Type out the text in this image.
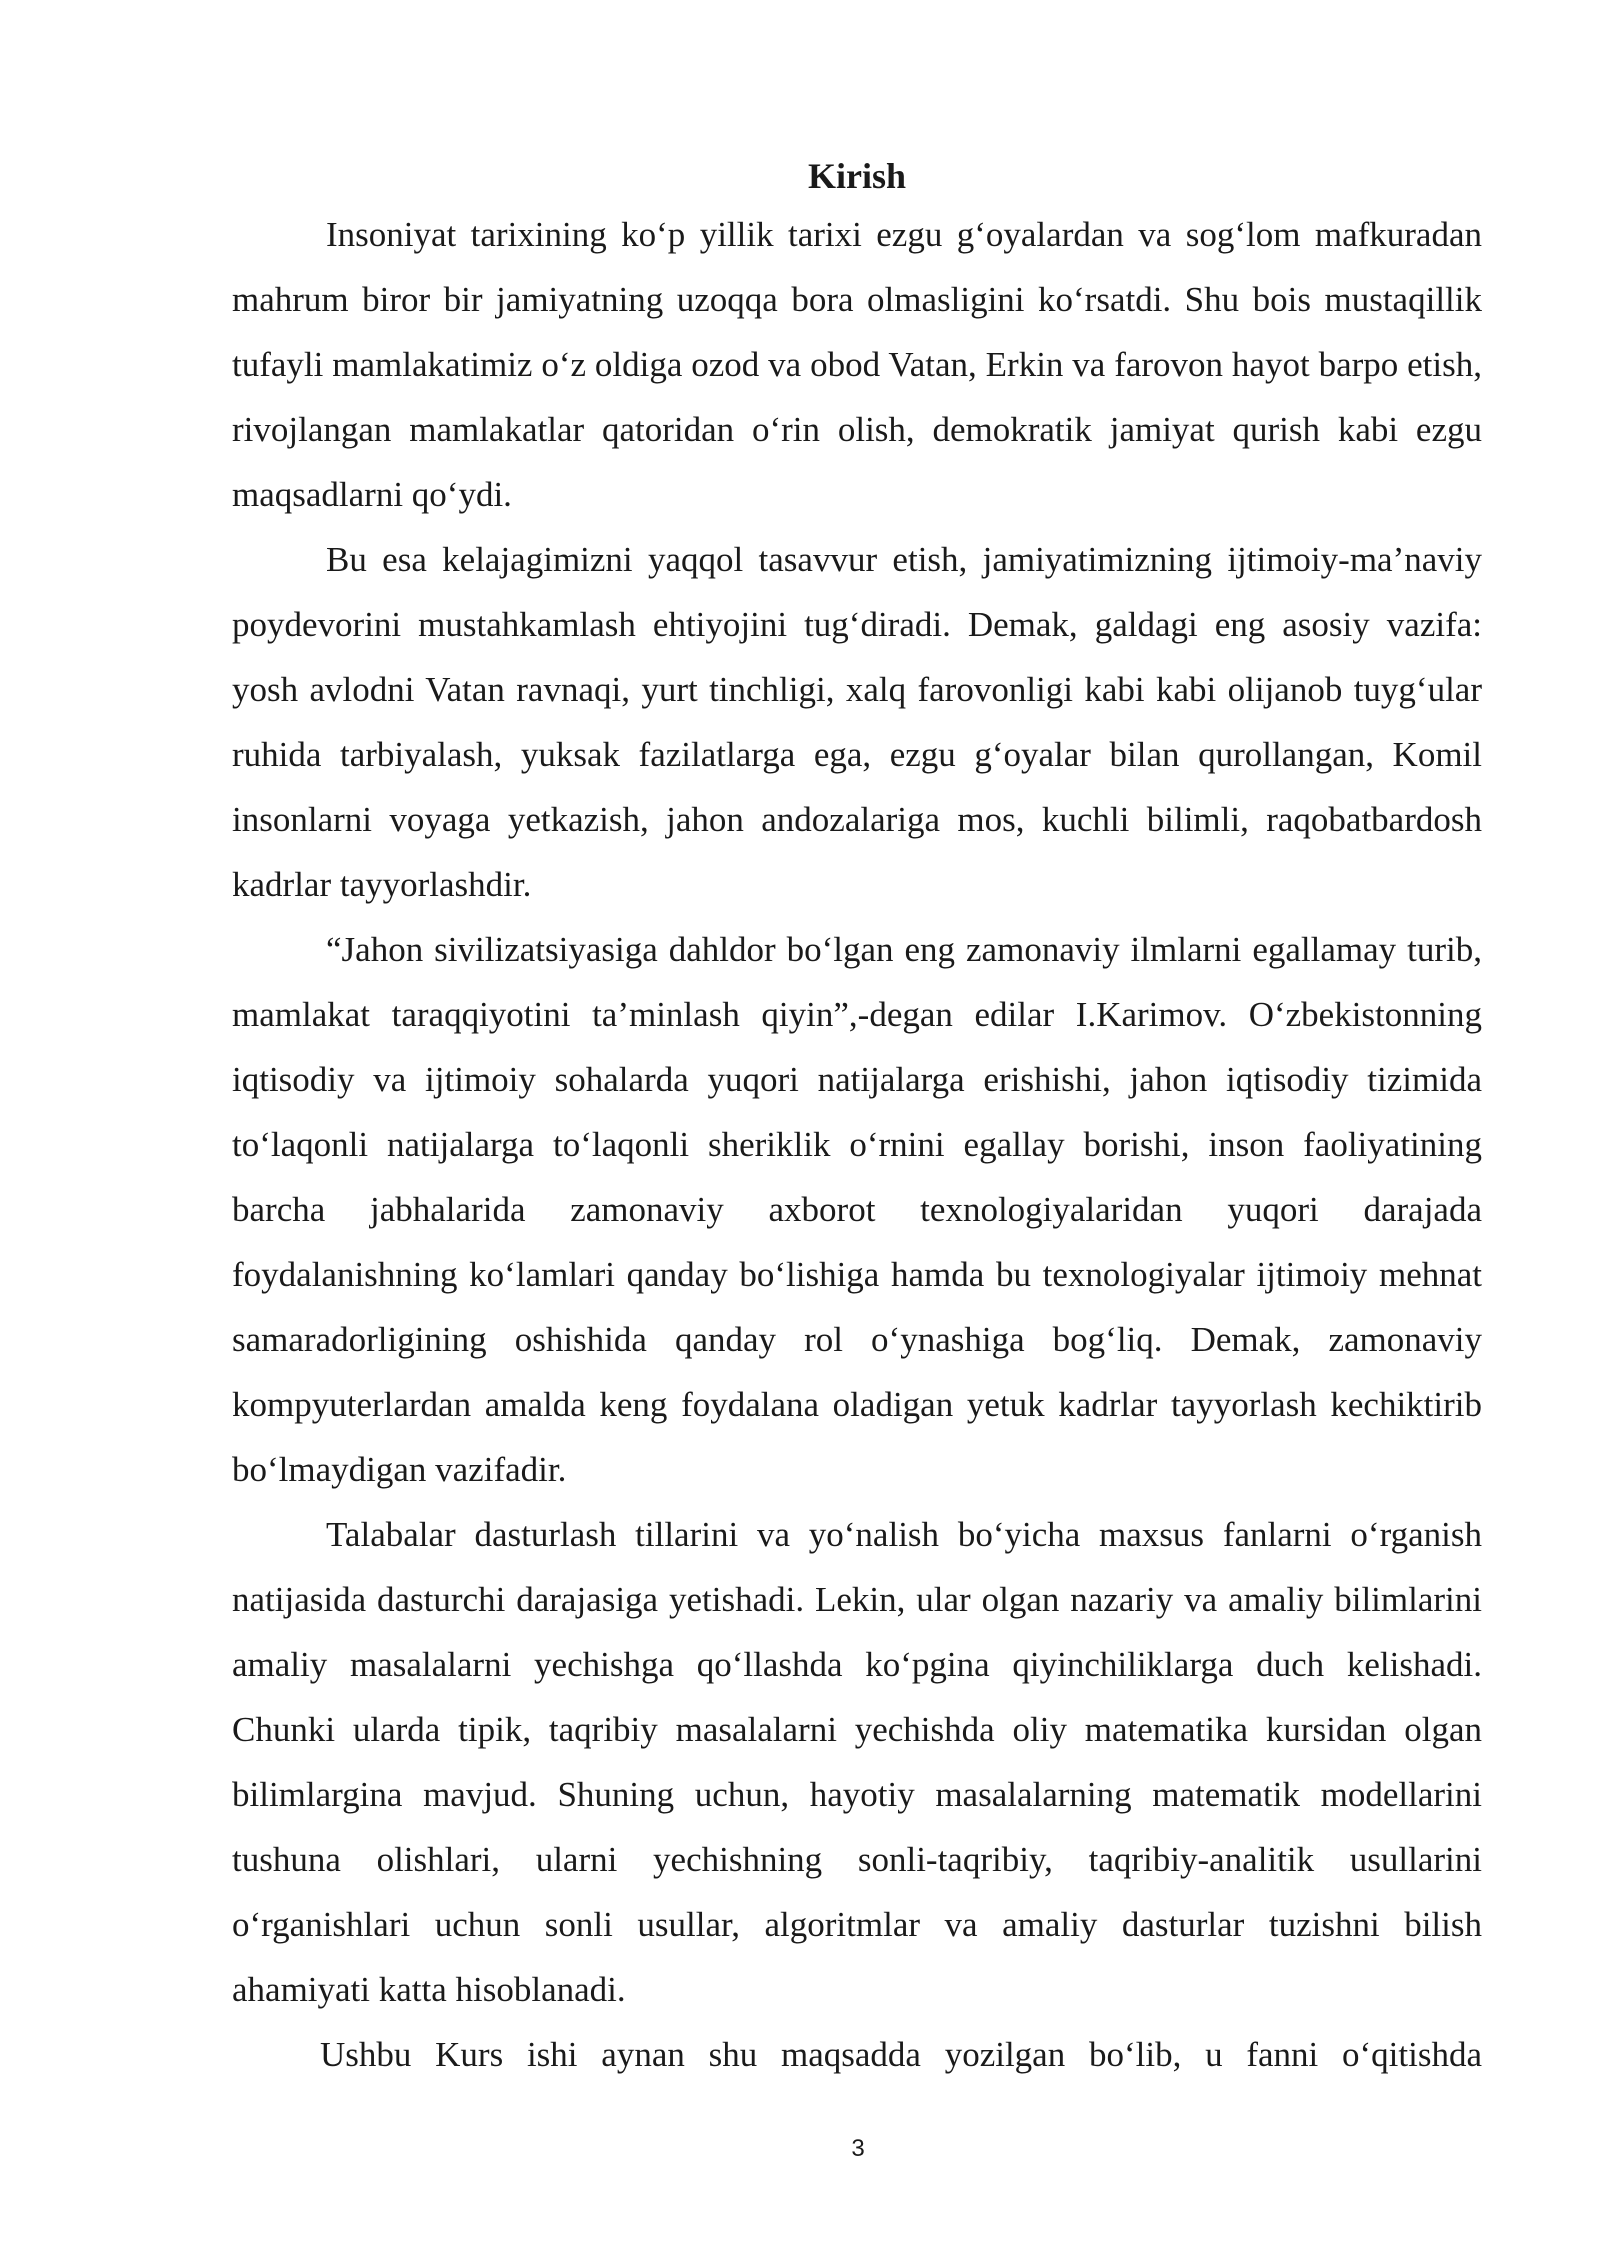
Kirish

Insoniyat tarixining ko‘p yillik tarixi ezgu g‘oyalardan va sog‘lom mafkuradan mahrum biror bir jamiyatning uzoqqa bora olmasligini ko‘rsatdi. Shu bois mustaqillik tufayli mamlakatimiz o‘z oldiga ozod va obod Vatan, Erkin va farovon hayot barpo etish, rivojlangan mamlakatlar qatoridan o‘rin olish, demokratik jamiyat qurish kabi ezgu maqsadlarni qo‘ydi.

Bu esa kelajagimizni yaqqol tasavvur etish, jamiyatimizning ijtimoiy-ma’naviy poydevorini mustahkamlash ehtiyojini tug‘diradi. Demak, galdagi eng asosiy vazifa: yosh avlodni Vatan ravnaqi, yurt tinchligi, xalq farovonligi kabi kabi olijanob tuyg‘ular ruhida tarbiyalash, yuksak fazilatlarga ega, ezgu g‘oyalar bilan qurollangan, Komil insonlarni voyaga yetkazish, jahon andozalariga mos, kuchli bilimli, raqobatbardosh kadrlar tayyorlashdir.

“Jahon sivilizatsiyasiga dahldor bo‘lgan eng zamonaviy ilmlarni egallamay turib, mamlakat taraqqiyotini ta’minlash qiyin”,-degan edilar I.Karimov. O‘zbekistonning iqtisodiy va ijtimoiy sohalarda yuqori natijalarga erishishi, jahon iqtisodiy tizimida to‘laqonli natijalarga to‘laqonli sheriklik o‘rnini egallay borishi, inson faoliyatining barcha jabhalarida zamonaviy axborot texnologiyalaridan yuqori darajada foydalanishning ko‘lamlari qanday bo‘lishiga hamda bu texnologiyalar ijtimoiy mehnat samaradorligining oshishida qanday rol o‘ynashiga bog‘liq. Demak, zamonaviy kompyuterlardan amalda keng foydalana oladigan yetuk kadrlar tayyorlash kechiktirib bo‘lmaydigan vazifadir.

Talabalar dasturlash tillarini va yo‘nalish bo‘yicha maxsus fanlarni o‘rganish natijasida dasturchi darajasiga yetishadi. Lekin, ular olgan nazariy va amaliy bilimlarini amaliy masalalarni yechishga qo‘llashda ko‘pgina qiyinchiliklarga duch kelishadi. Chunki ularda tipik, taqribiy masalalarni yechishda oliy matematika kursidan olgan bilimlargina mavjud. Shuning uchun, hayotiy masalalarning matematik modellarini tushuna olishlari, ularni yechishning sonli-taqribiy, taqribiy-analitik usullarini o‘rganishlari uchun sonli usullar, algoritmlar va amaliy dasturlar tuzishni bilish ahamiyati katta hisoblanadi.

Ushbu Kurs ishi aynan shu maqsadda yozilgan bo‘lib, u fanni o‘qitishda

3
